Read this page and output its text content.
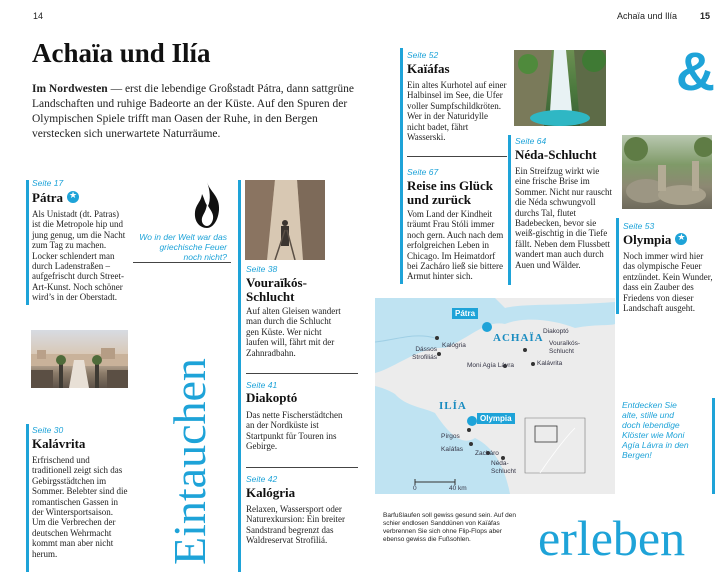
14	Achaïa und Ilía	15
Achaïa und Ilía
Im Nordwesten — erst die lebendige Großstadt Pátra, dann sattgrüne Landschaften und ruhige Badeorte an der Küste. Auf den Spuren der Olympischen Spiele trifft man Oasen der Ruhe, in den Bergen verstecken sich unerwartete Naturräume.
Seite 17
Pátra★
Als Unistadt (dt. Patras) ist die Metropole hip und jung genug, um die Nacht zum Tag zu machen. Locker schlendert man durch Ladenstraßen – aufgefrischt durch Street-Art-Kunst. Noch schöner wird’s in der Oberstadt.
Wo in der Welt war das griechische Feuer noch nicht?
Seite 30
Kalávrita
Erfrischend und traditionell zeigt sich das Gebirgsstädtchen im Sommer. Belebter sind die romantischen Gassen in der Wintersportsaison. Um die Verbrechen der deutschen Wehrmacht kommt man aber nicht herum.	Eintauchen
Seite 38
Vouraïkós-Schlucht
Auf alten Gleisen wandert man durch die Schlucht gen Küste. Wer nicht laufen will, fährt mit der Zahnradbahn.
Seite 41
Diakoptó
Das nette Fischerstädtchen an der Nordküste ist Startpunkt für Touren ins Gebirge.
Seite 42
Kalógria
Relaxen, Wassersport oder Naturexkursion: Ein breiter Sandstrand begrenzt das Waldreservat Strofiliá.
Seite 52
Kaïáfas
Ein altes Kurhotel auf einer Halbinsel im See, die Ufer voller Sumpfschildkröten. Wer in der Naturidylle nicht badet, fährt Wasserski.
Seite 67
Reise ins Glück und zurück
Vom Land der Kindheit träumt Frau Stóli immer noch gern. Auch nach dem erfolgreichen Leben in Chicago. Im Heimatdorf bei Zacháro ließ sie bittere Armut hinter sich.
Seite 64
Néda-Schlucht
Ein Streifzug wirkt wie eine frische Brise im Sommer. Nicht nur rauscht die Néda schwungvoll durchs Tal, flutet Badebecken, bevor sie weiß-gischtig in die Tiefe fällt. Neben dem Flussbett wandert man auch durch Auen und Wälder.
&
Seite 53
Olympia★
Noch immer wird hier das olympische Feuer entzündet. Kein Wunder, dass ein Zauber des Friedens von dieser Landschaft ausgeht.
Pátra
Olympia
ACHAÏA
ILÍA
Kalógria
Dássos Strofiliás
Diakoptó
Vouraïkós-Schlucht
Kalávrita
Moni Agía Lávra
Pírgos
Kaïáfas
Zacháro
Néda-Schlucht
0	40 km
Entdecken Sie alte, stille und doch lebendige Klöster wie Moni Agía Lávra in den Bergen!
Barfußlaufen soll gewiss gesund sein. Auf den schier endlosen Sanddünen von Kaïáfas verbrennen Sie sich ohne Flip-Flops aber ebenso gewiss die Fußsohlen.	erleben
